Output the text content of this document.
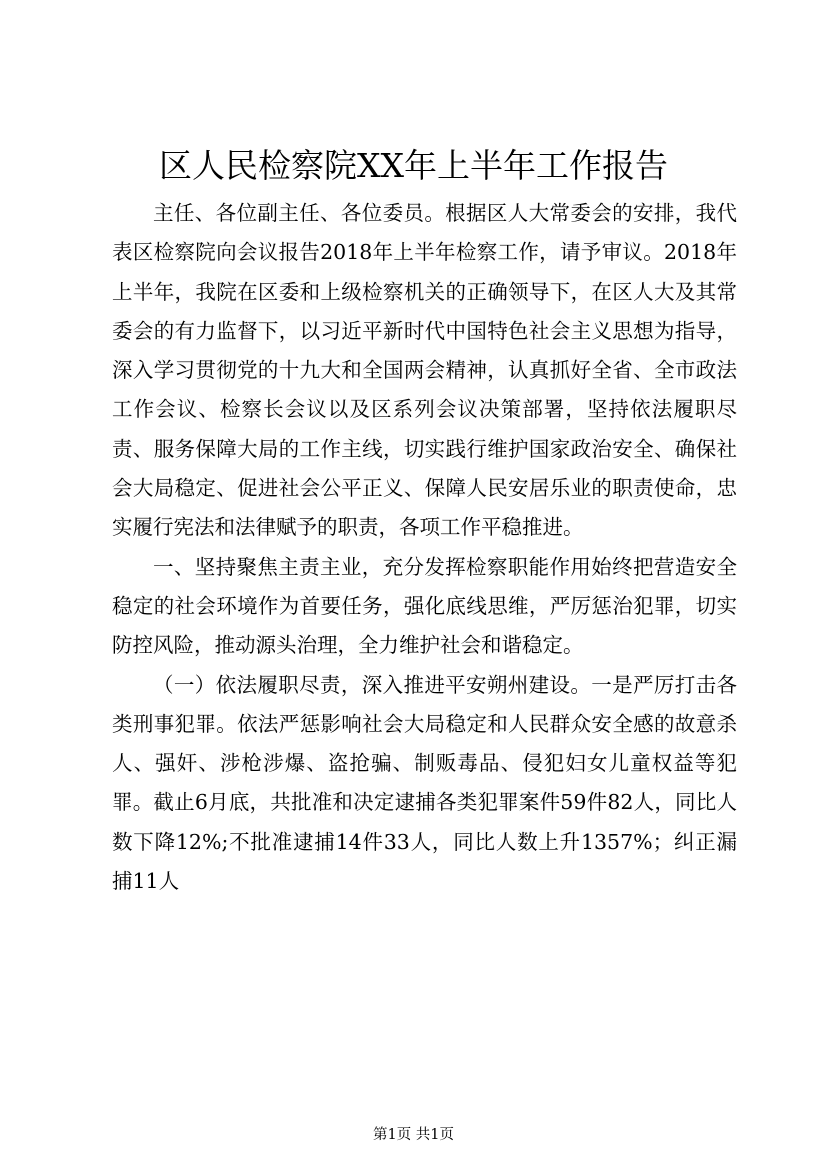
区人民检察院XX年上半年工作报告

主任、各位副主任、各位委员。根据区人大常委会的安排，我代表区检察院向会议报告2018年上半年检察工作，请予审议。2018年上半年，我院在区委和上级检察机关的正确领导下，在区人大及其常委会的有力监督下，以习近平新时代中国特色社会主义思想为指导，深入学习贯彻党的十九大和全国两会精神，认真抓好全省、全市政法工作会议、检察长会议以及区系列会议决策部署，坚持依法履职尽责、服务保障大局的工作主线，切实践行维护国家政治安全、确保社会大局稳定、促进社会公平正义、保障人民安居乐业的职责使命，忠实履行宪法和法律赋予的职责，各项工作平稳推进。

一、坚持聚焦主责主业，充分发挥检察职能作用始终把营造安全稳定的社会环境作为首要任务，强化底线思维，严厉惩治犯罪，切实防控风险，推动源头治理，全力维护社会和谐稳定。

（一）依法履职尽责，深入推进平安朔州建设。一是严厉打击各类刑事犯罪。依法严惩影响社会大局稳定和人民群众安全感的故意杀人、强奸、涉枪涉爆、盗抢骗、制贩毒品、侵犯妇女儿童权益等犯罪。截止6月底，共批准和决定逮捕各类犯罪案件59件82人，同比人数下降12%;不批准逮捕14件33人，同比人数上升1357%；纠正漏捕11人

第1页 共1页
